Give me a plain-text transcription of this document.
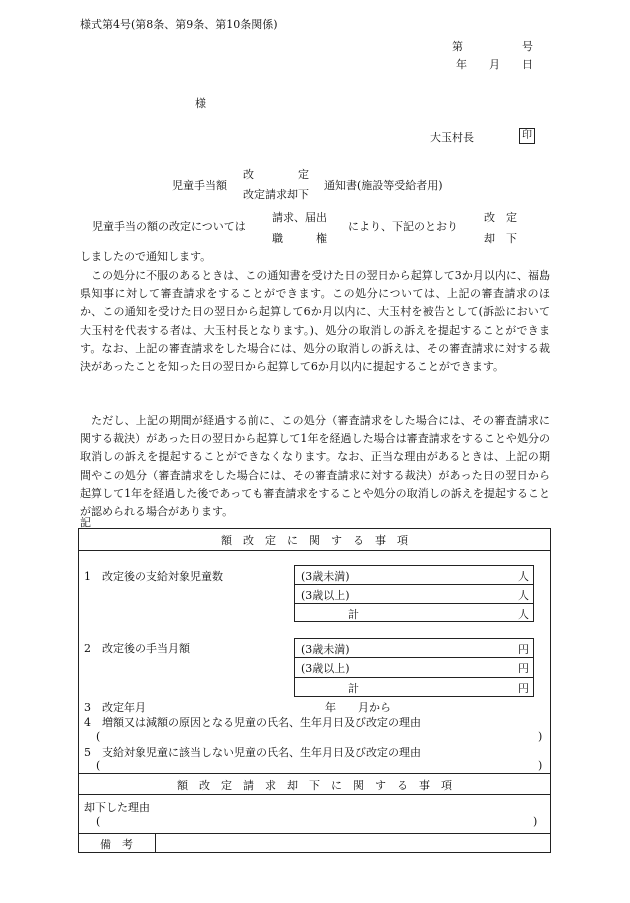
様式第4号(第8条、第9条、第10条関係)
第	号
年 月 日
様
大玉村長	印
児童手当額
改　　　　定
改定請求却下
通知書(施設等受給者用)
児童手当の額の改定については
請求、届出
職　　　権
により、下記のとおり
改　定
却　下
しましたので通知します。
この処分に不服のあるときは、この通知書を受けた日の翌日から起算して3か月以内に、福島県知事に対して審査請求をすることができます。この処分については、上記の審査請求のほか、この通知を受けた日の翌日から起算して6か月以内に、大玉村を被告として(訴訟において大玉村を代表する者は、大玉村長となります。)、処分の取消しの訴えを提起することができます。なお、上記の審査請求をした場合には、処分の取消しの訴えは、その審査請求に対する裁決があったことを知った日の翌日から起算して6か月以内に提起することができます。
ただし、上記の期間が経過する前に、この処分（審査請求をした場合には、その審査請求に関する裁決）があった日の翌日から起算して1年を経過した場合は審査請求をすることや処分の取消しの訴えを提起することができなくなります。なお、正当な理由があるときは、上記の期間やこの処分（審査請求をした場合には、その審査請求に対する裁決）があった日の翌日から起算して1年を経過した後であっても審査請求をすることや処分の取消しの訴えを提起することが認められる場合があります。
記
額　改　定　に　関　す　る　事　項
1　改定後の支給対象児童数	(3歳未満)	人
(3歳以上)	人
計	人
2　改定後の手当月額	(3歳未満)	円
(3歳以上)	円
計	円
3　改定年月	年　　月から
4　増額又は減額の原因となる児童の氏名、生年月日及び改定の理由
(	)
5　支給対象児童に該当しない児童の氏名、生年月日及び改定の理由
(	)
額　改　定　請　求　却　下　に　関　す　る　事　項
却下した理由
(	)
備　考
